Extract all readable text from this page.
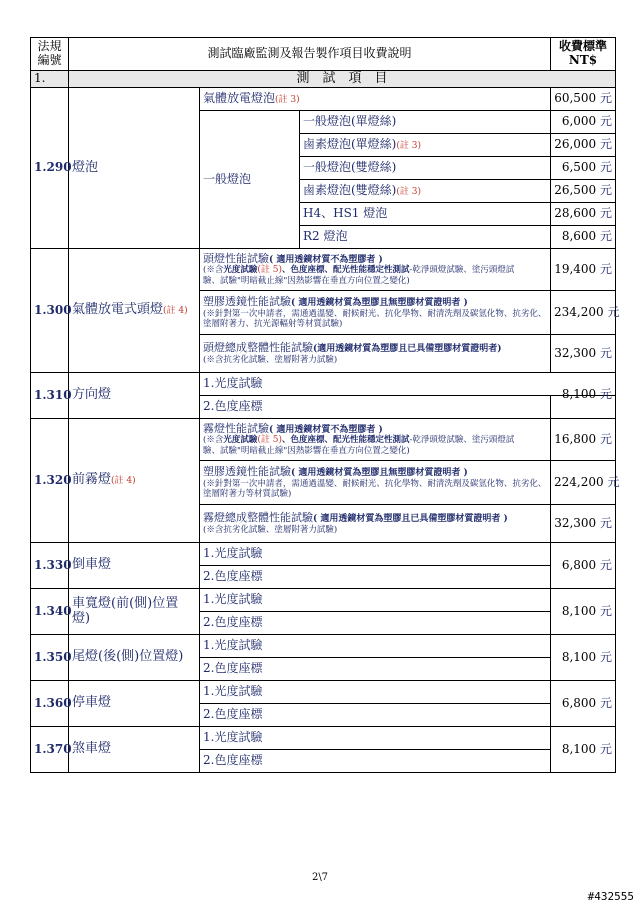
法規
編號	測試臨廠監測及報告製作項目收費說明			收費標準
NT$
1.	測　試　項　目			
1.290	燈泡	氣體放電燈泡(註 3)		60,500 元
		一般燈泡	一般燈泡(單燈絲)	6,000 元
			鹵素燈泡(單燈絲)(註 3)	26,000 元
			一般燈泡(雙燈絲)	6,500 元
			鹵素燈泡(雙燈絲)(註 3)	26,500 元
			H4、HS1 燈泡	28,600 元
			R2 燈泡	8,600 元
1.300	氣體放電式頭燈(註 4)	頭燈性能試驗( 適用透鏡材質不為塑膠者 )
(※含光度試驗(註 5)、色度座標、配光性能穩定性測試-乾淨頭燈試驗、塗污頭燈試
驗、試驗"明暗截止線"因熱影響在垂直方向位置之變化)		19,400 元
		塑膠透鏡性能試驗( 適用透鏡材質為塑膠且無塑膠材質證明者 )
(※針對第一次申請者，需通過溫變、耐候耐光、抗化學物、耐清洗劑及碳氫化物、抗劣化、塗層附著力、抗光源輻射等材質試驗)		234,200 元
		頭燈總成整體性能試驗(適用透鏡材質為塑膠且已具備塑膠材質證明者)
(※含抗劣化試驗、塗層附著力試驗)		32,300 元
1.310	方向燈	1.光度試驗		
		2.色度座標		8,100 元
1.320	前霧燈(註 4)	霧燈性能試驗( 適用透鏡材質不為塑膠者 )
(※含光度試驗(註 5)、色度座標、配光性能穩定性測試-乾淨頭燈試驗、塗污頭燈試
驗、試驗"明暗截止線"因熱影響在垂直方向位置之變化)		16,800 元
		塑膠透鏡性能試驗( 適用透鏡材質為塑膠且無塑膠材質證明者 )
(※針對第一次申請者，需通過溫變、耐候耐光、抗化學物、耐清洗劑及碳氫化物、抗劣化、塗層附著力等材質試驗)		224,200 元
		霧燈總成整體性能試驗( 適用透鏡材質為塑膠且已具備塑膠材質證明者 )
(※含抗劣化試驗、塗層附著力試驗)		32,300 元
1.330	倒車燈	1.光度試驗		6,800 元
		2.色度座標		
1.340	車寬燈(前(側)位置燈)	1.光度試驗		8,100 元
		2.色度座標		
1.350	尾燈(後(側)位置燈)	1.光度試驗		8,100 元
		2.色度座標		
1.360	停車燈	1.光度試驗		6,800 元
		2.色度座標		
1.370	煞車燈	1.光度試驗		8,100 元
		2.色度座標		
2\7
#432555
